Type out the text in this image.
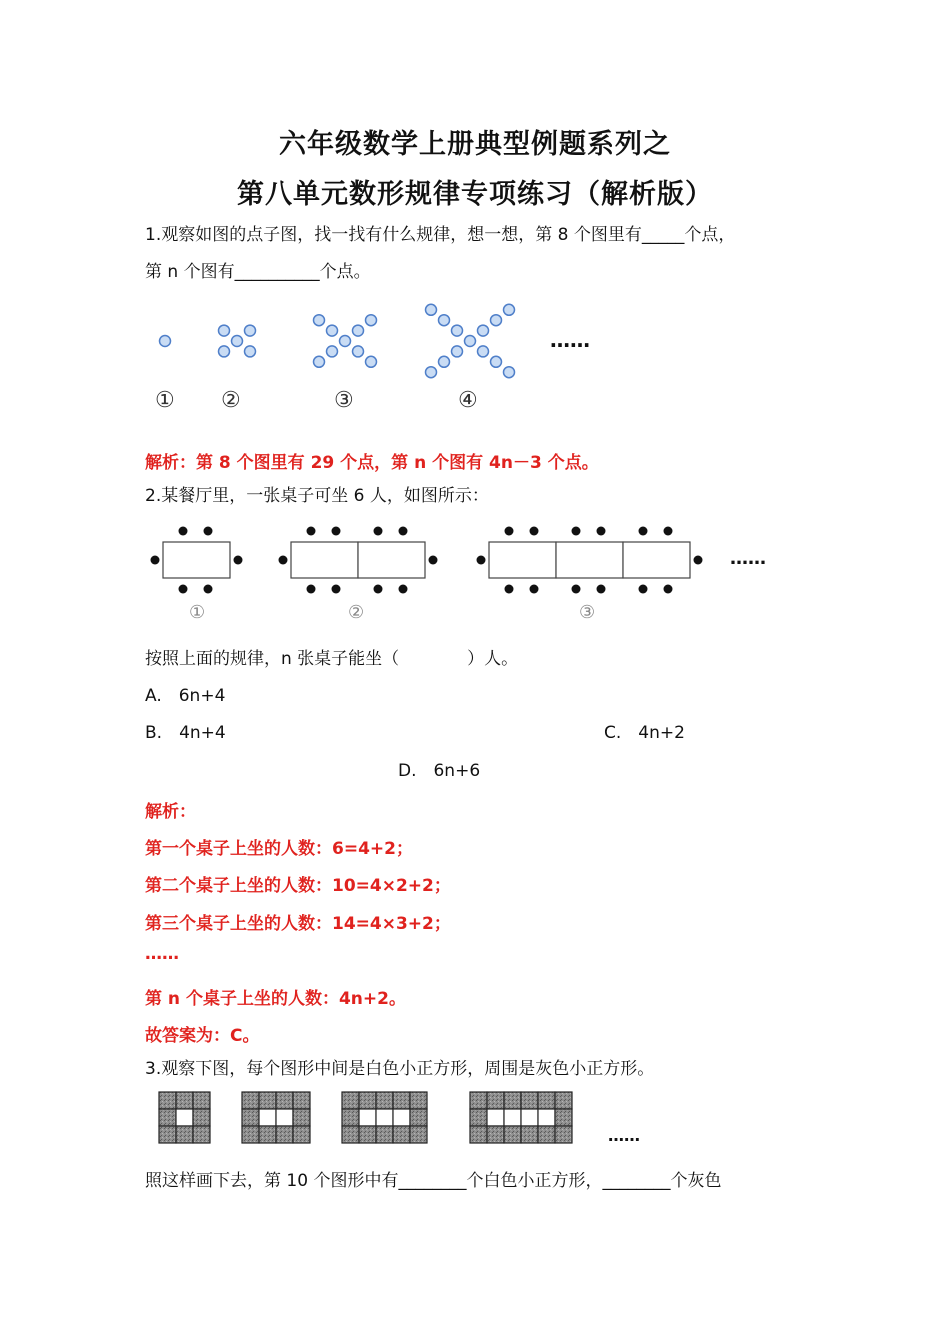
六年级数学上册典型例题系列之
第八单元数形规律专项练习（解析版）
1.观察如图的点子图，找一找有什么规律，想一想，第 8 个图里有_____个点，
第 n 个图有__________个点。
① ②	③	④
……
解析：第 8 个图里有 29 个点，第 n 个图有 4n－3 个点。
2.某餐厅里，一张桌子可坐 6 人，如图所示：
①	②	③
……
按照上面的规律，n 张桌子能坐（　　　　）人。
A.　6n+4
B.　4n+4	C.　4n+2
D.　6n+6
解析：
第一个桌子上坐的人数：6=4+2；
第二个桌子上坐的人数：10=4×2+2；
第三个桌子上坐的人数：14=4×3+2；
……
第 n 个桌子上坐的人数：4n+2。
故答案为：C。
3.观察下图，每个图形中间是白色小正方形，周围是灰色小正方形。
……
照这样画下去，第 10 个图形中有________个白色小正方形，________个灰色
